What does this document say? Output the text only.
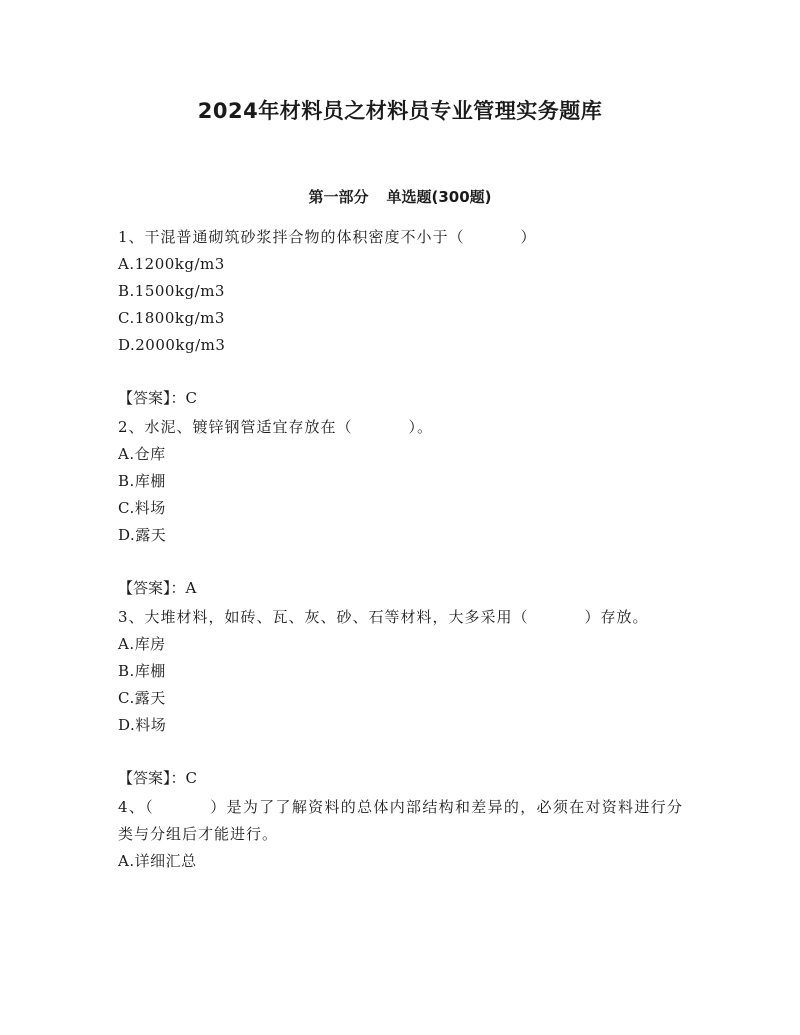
2024年材料员之材料员专业管理实务题库
第一部分 单选题(300题)
1、干混普通砌筑砂浆拌合物的体积密度不小于（	）
A.1200kg/m3
B.1500kg/m3
C.1800kg/m3
D.2000kg/m3
【答案】：C
2、水泥、镀锌钢管适宜存放在（	）。
A.仓库
B.库棚
C.料场
D.露天
【答案】：A
3、大堆材料，如砖、瓦、灰、砂、石等材料，大多采用（	）存放。
A.库房
B.库棚
C.露天
D.料场
【答案】：C
4、（	）是为了了解资料的总体内部结构和差异的，必须在对资料进行分类与分组后才能进行。
A.详细汇总
